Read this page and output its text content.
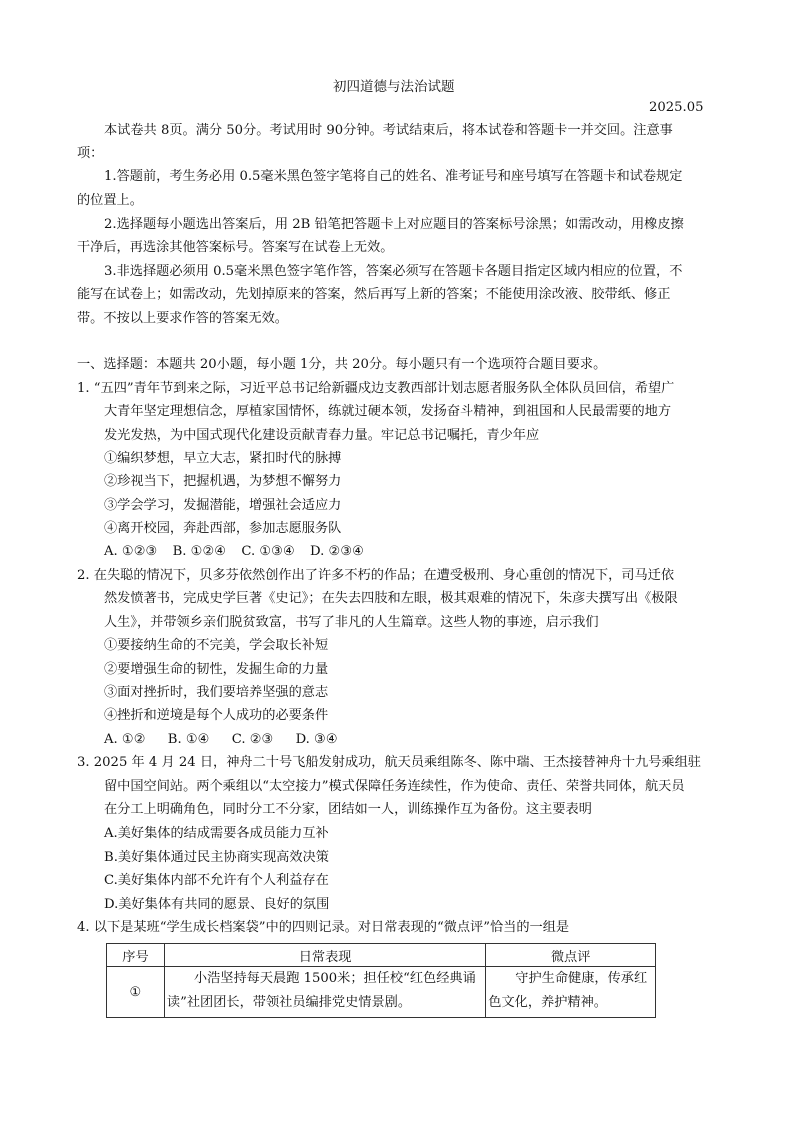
初四道德与法治试题
2025.05
本试卷共 8页。满分 50分。考试用时 90分钟。考试结束后，将本试卷和答题卡一并交回。注意事
项：
1.答题前，考生务必用 0.5毫米黑色签字笔将自己的姓名、准考证号和座号填写在答题卡和试卷规定
的位置上。
2.选择题每小题选出答案后，用 2B 铅笔把答题卡上对应题目的答案标号涂黑；如需改动，用橡皮擦
干净后，再选涂其他答案标号。答案写在试卷上无效。
3.非选择题必须用 0.5毫米黑色签字笔作答，答案必须写在答题卡各题目指定区域内相应的位置，不
能写在试卷上；如需改动，先划掉原来的答案，然后再写上新的答案；不能使用涂改液、胶带纸、修正
带。不按以上要求作答的答案无效。
一、选择题：本题共 20小题，每小题 1分，共 20分。每小题只有一个选项符合题目要求。
1. “五四”青年节到来之际，习近平总书记给新疆戍边支教西部计划志愿者服务队全体队员回信，希望广
大青年坚定理想信念，厚植家国情怀，练就过硬本领，发扬奋斗精神，到祖国和人民最需要的地方
发光发热，为中国式现代化建设贡献青春力量。牢记总书记嘱托，青少年应
①编织梦想，早立大志，紧扣时代的脉搏
②珍视当下，把握机遇，为梦想不懈努力
③学会学习，发掘潜能，增强社会适应力
④离开校园，奔赴西部，参加志愿服务队
A. ①②③ B. ①②④ C. ①③④ D. ②③④
2. 在失聪的情况下，贝多芬依然创作出了许多不朽的作品；在遭受极刑、身心重创的情况下，司马迁依
然发愤著书，完成史学巨著《史记》；在失去四肢和左眼，极其艰难的情况下，朱彦夫撰写出《极限
人生》，并带领乡亲们脱贫致富，书写了非凡的人生篇章。这些人物的事迹，启示我们
①要接纳生命的不完美，学会取长补短
②要增强生命的韧性，发掘生命的力量
③面对挫折时，我们要培养坚强的意志
④挫折和逆境是每个人成功的必要条件
A. ①② B. ①④ C. ②③ D. ③④
3. 2025 年 4 月 24 日，神舟二十号飞船发射成功，航天员乘组陈冬、陈中瑞、王杰接替神舟十九号乘组驻
留中国空间站。两个乘组以“太空接力”模式保障任务连续性，作为使命、责任、荣誉共同体，航天员
在分工上明确角色，同时分工不分家，团结如一人，训练操作互为备份。这主要表明
A.美好集体的结成需要各成员能力互补
B.美好集体通过民主协商实现高效决策
C.美好集体内部不允许有个人利益存在
D.美好集体有共同的愿景、良好的氛围
4. 以下是某班“学生成长档案袋”中的四则记录。对日常表现的“微点评”恰当的一组是
序号	日常表现	微点评
①	小浩坚持每天晨跑 1500米；担任校“红色经典诵读”社团团长，带领社员编排党史情景剧。	守护生命健康，传承红色文化，养护精神。
